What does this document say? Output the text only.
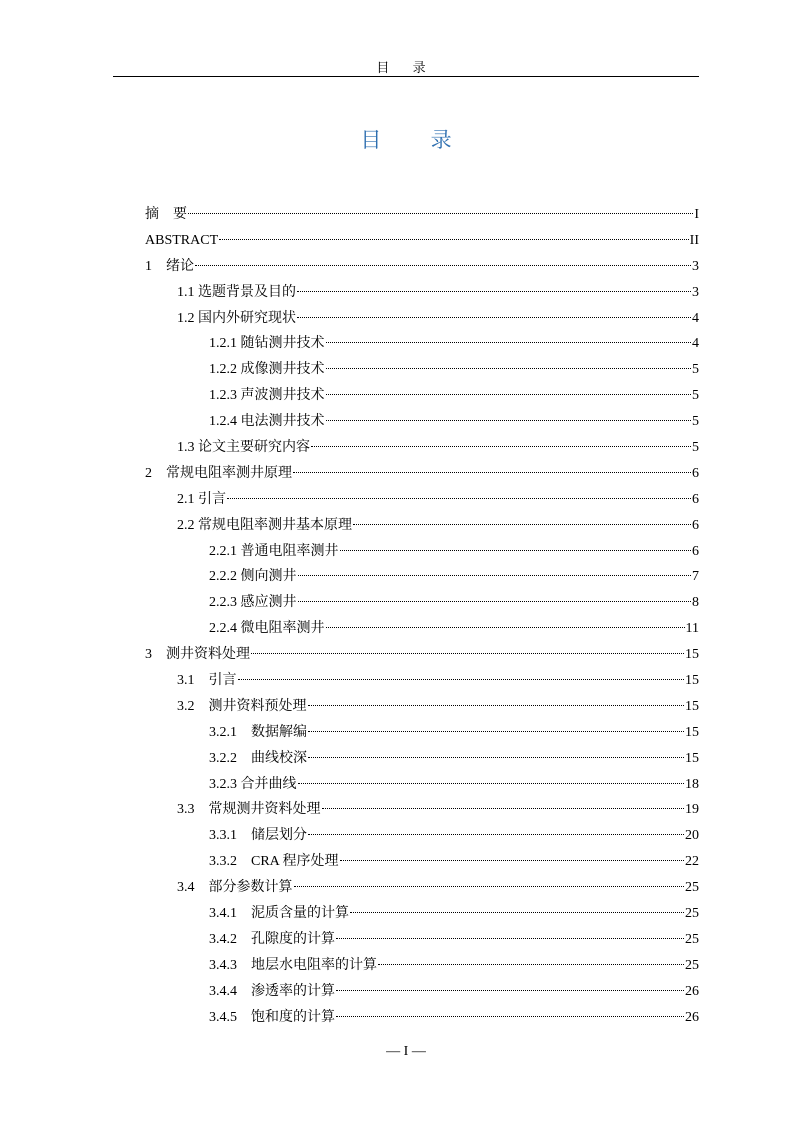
目 录
目 录
摘　要	I
ABSTRACT	II
1　绪论	3
1.1 选题背景及目的	3
1.2 国内外研究现状	4
1.2.1 随钻测井技术	4
1.2.2 成像测井技术	5
1.2.3 声波测井技术	5
1.2.4 电法测井技术	5
1.3 论文主要研究内容	5
2　常规电阻率测井原理	6
2.1 引言	6
2.2 常规电阻率测井基本原理	6
2.2.1 普通电阻率测井	6
2.2.2 侧向测井	7
2.2.3 感应测井	8
2.2.4 微电阻率测井	11
3　测井资料处理	15
3.1　引言	15
3.2　测井资料预处理	15
3.2.1　数据解编	15
3.2.2　曲线校深	15
3.2.3 合并曲线	18
3.3　常规测井资料处理	19
3.3.1　储层划分	20
3.3.2　CRA 程序处理	22
3.4　部分参数计算	25
3.4.1　泥质含量的计算	25
3.4.2　孔隙度的计算	25
3.4.3　地层水电阻率的计算	25
3.4.4　渗透率的计算	26
3.4.5　饱和度的计算	26
— I —
